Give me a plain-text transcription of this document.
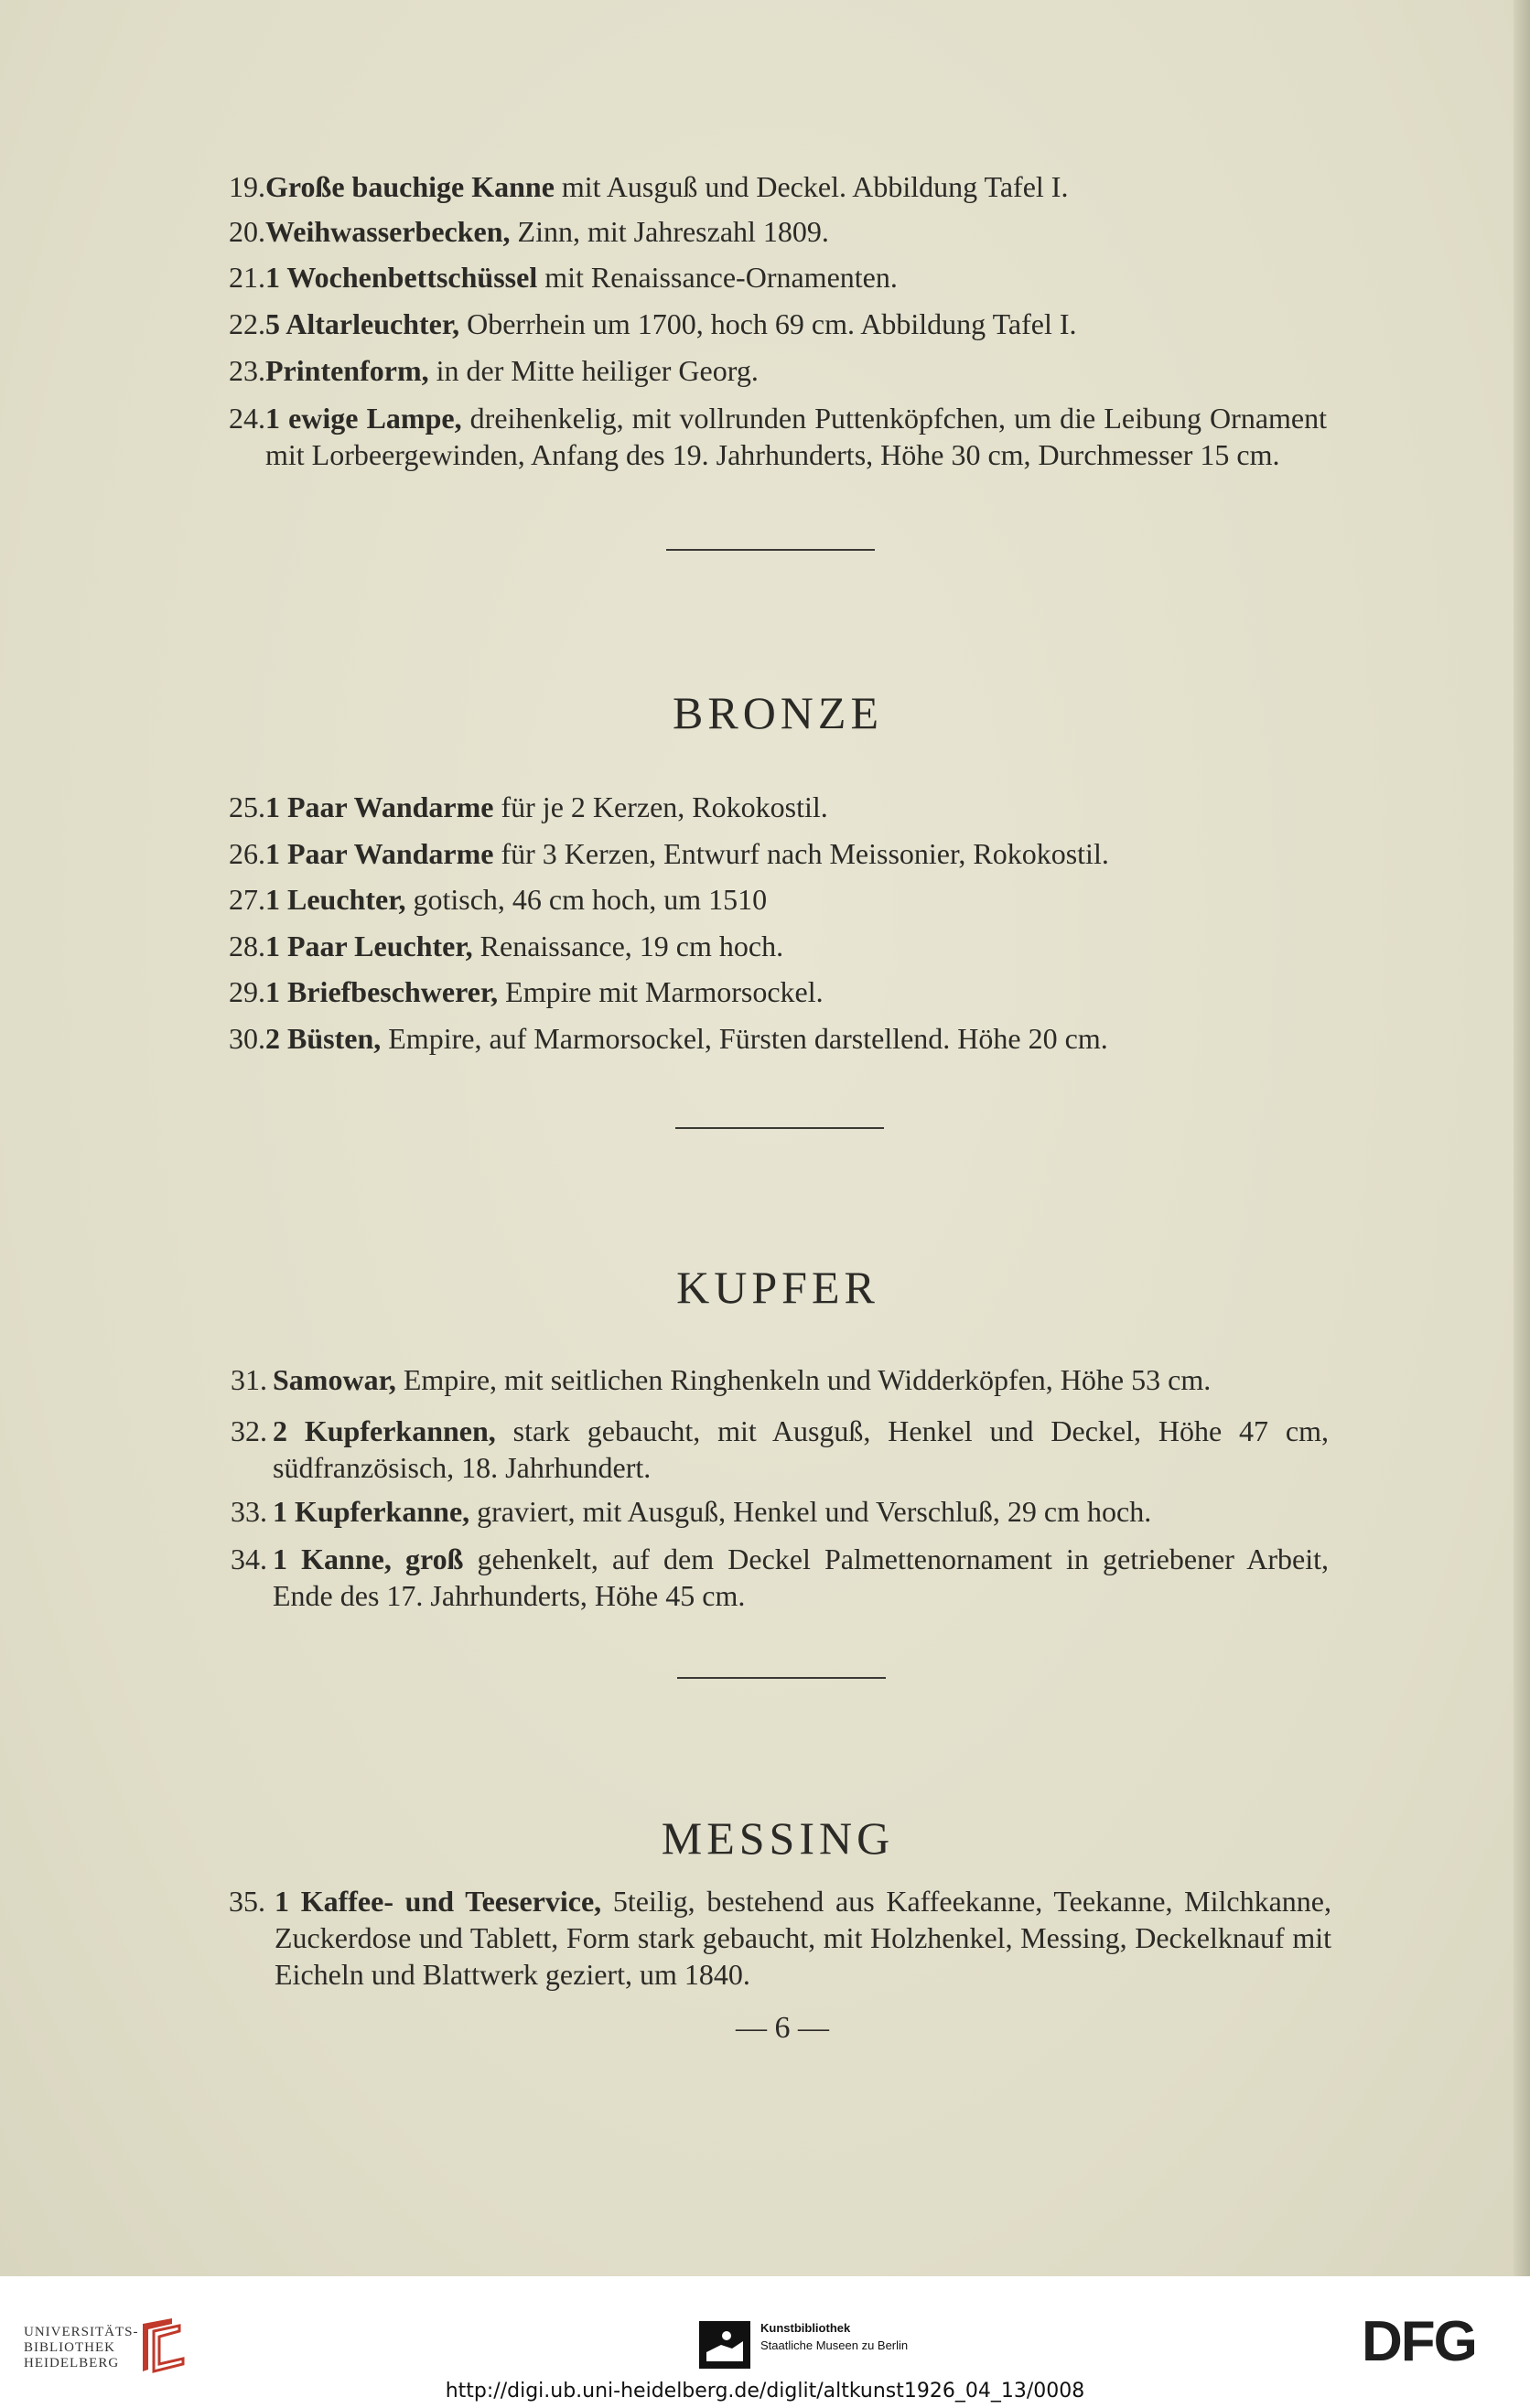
19. Große bauchige Kanne mit Ausguß und Deckel. Abbildung Tafel I.
20. Weihwasserbecken, Zinn, mit Jahreszahl 1809.
21. 1 Wochenbettschüssel mit Renaissance-Ornamenten.
22. 5 Altarleuchter, Oberrhein um 1700, hoch 69 cm. Abbildung Tafel I.
23. Printenform, in der Mitte heiliger Georg.
24. 1 ewige Lampe, dreihenkelig, mit vollrunden Puttenköpfchen, um die Leibung Ornament mit Lorbeergewinden, Anfang des 19. Jahrhunderts, Höhe 30 cm, Durchmesser 15 cm.
BRONZE
25. 1 Paar Wandarme für je 2 Kerzen, Rokokostil.
26. 1 Paar Wandarme für 3 Kerzen, Entwurf nach Meissonier, Rokokostil.
27. 1 Leuchter, gotisch, 46 cm hoch, um 1510
28. 1 Paar Leuchter, Renaissance, 19 cm hoch.
29. 1 Briefbeschwerer, Empire mit Marmorsockel.
30. 2 Büsten, Empire, auf Marmorsockel, Fürsten darstellend. Höhe 20 cm.
KUPFER
31. Samowar, Empire, mit seitlichen Ringhenkeln und Widderköpfen, Höhe 53 cm.
32. 2 Kupferkannen, stark gebaucht, mit Ausguß, Henkel und Deckel, Höhe 47 cm, südfranzösisch, 18. Jahrhundert.
33. 1 Kupferkanne, graviert, mit Ausguß, Henkel und Verschluß, 29 cm hoch.
34. 1 Kanne, groß gehenkelt, auf dem Deckel Palmettenornament in getriebener Arbeit, Ende des 17. Jahrhunderts, Höhe 45 cm.
MESSING
35. 1 Kaffee- und Teeservice, 5teilig, bestehend aus Kaffeekanne, Teekanne, Milchkanne, Zuckerdose und Tablett, Form stark gebaucht, mit Holzhenkel, Messing, Deckelknauf mit Eicheln und Blattwerk geziert, um 1840.
— 6 —
UNIVERSITÄTS-
BIBLIOTHEK
HEIDELBERG
Kunstbibliothek
Staatliche Museen zu Berlin	DFG
http://digi.ub.uni-heidelberg.de/diglit/altkunst1926_04_13/0008
